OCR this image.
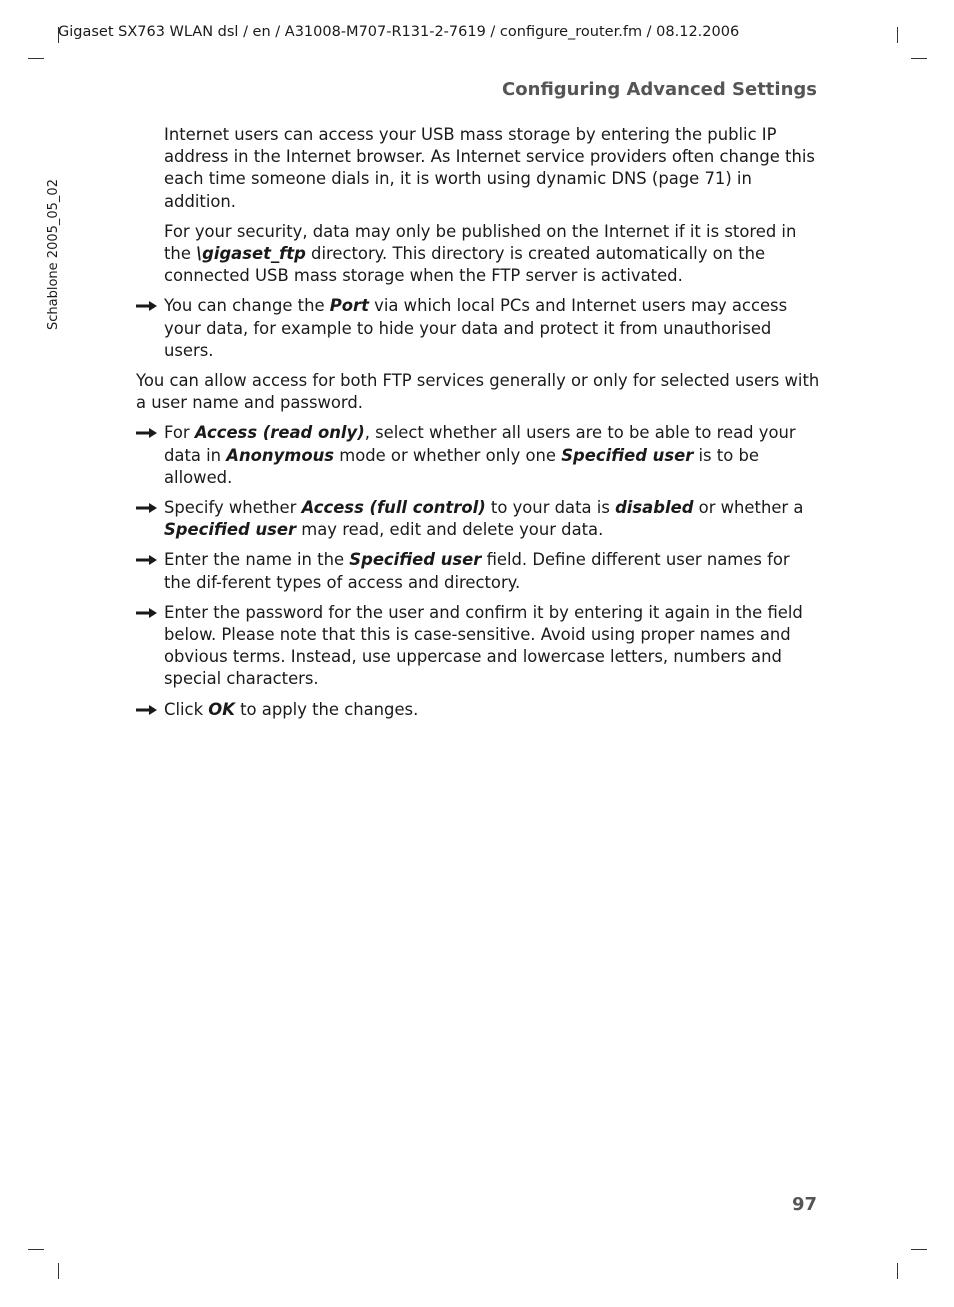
Gigaset SX763 WLAN dsl / en / A31008-M707-R131-2-7619 / configure_router.fm / 08.12.2006
Schablone 2005_05_02
Configuring Advanced Settings

Internet users can access your USB mass storage by entering the public IP address in the Internet browser. As Internet service providers often change this each time someone dials in, it is worth using dynamic DNS (page 71) in addition.

For your security, data may only be published on the Internet if it is stored in the \gigaset_ftp directory. This directory is created automatically on the connected USB mass storage when the FTP server is activated.

You can change the Port via which local PCs and Internet users may access your data, for example to hide your data and protect it from unauthorised users.

You can allow access for both FTP services generally or only for selected users with a user name and password.

For Access (read only), select whether all users are to be able to read your data in Anonymous mode or whether only one Specified user is to be allowed.
Specify whether Access (full control) to your data is disabled or whether a Specified user may read, edit and delete your data.
Enter the name in the Specified user field. Define different user names for the dif-ferent types of access and directory.
Enter the password for the user and confirm it by entering it again in the field below. Please note that this is case-sensitive. Avoid using proper names and obvious terms. Instead, use uppercase and lowercase letters, numbers and special characters.
Click OK to apply the changes.
97
